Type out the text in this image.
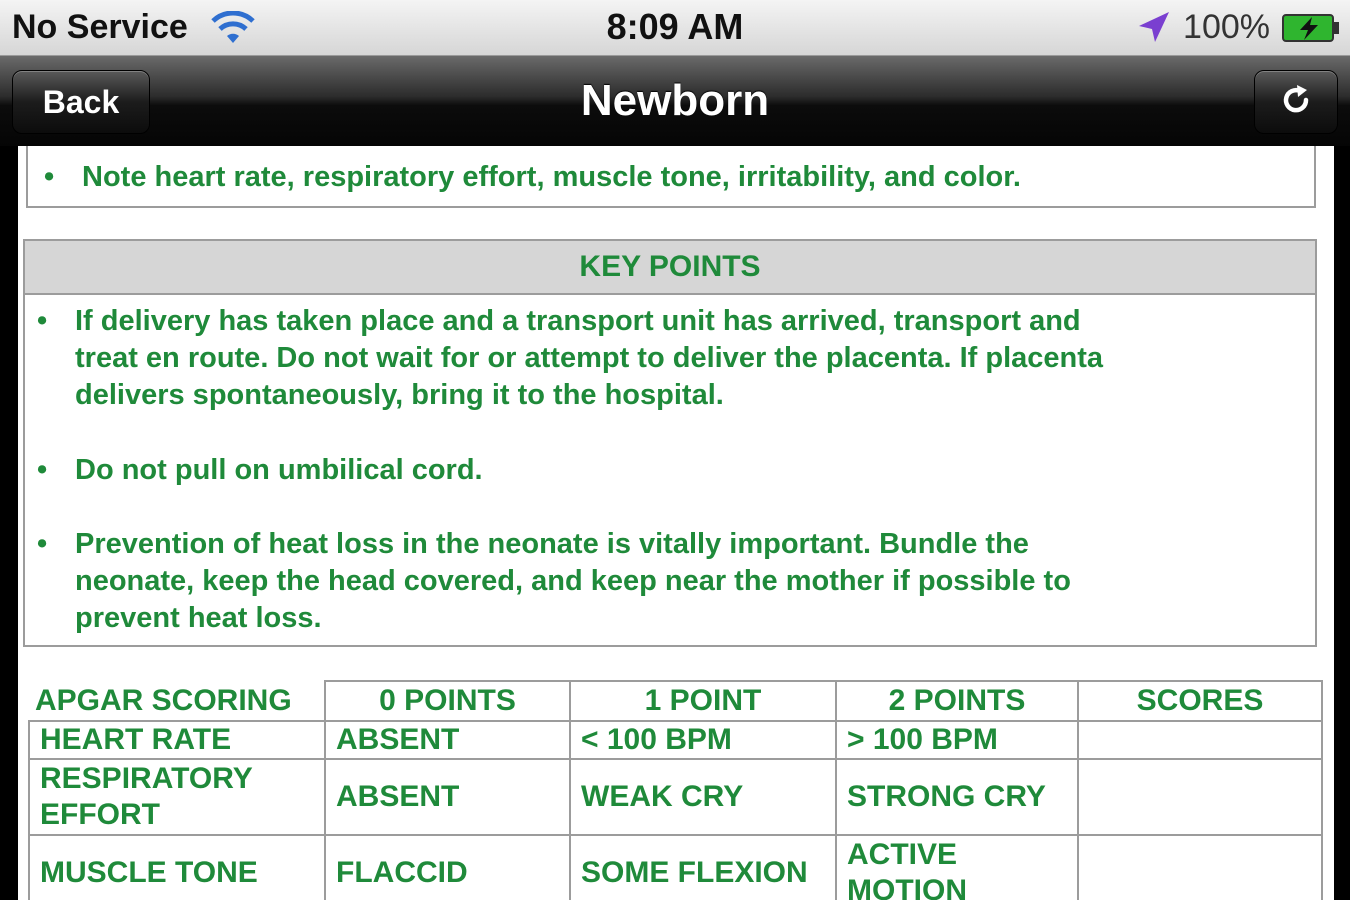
No Service	8:09 AM	100%
Back	Newborn
• Note heart rate, respiratory effort, muscle tone, irritability, and color.
KEY POINTS
• If delivery has taken place and a transport unit has arrived, transport and
treat en route. Do not wait for or attempt to deliver the placenta. If placenta
delivers spontaneously, bring it to the hospital.
• Do not pull on umbilical cord.
• Prevention of heat loss in the neonate is vitally important. Bundle the
neonate, keep the head covered, and keep near the mother if possible to
prevent heat loss.
APGAR SCORING	0 POINTS	1 POINT	2 POINTS	SCORES
HEART RATE	ABSENT	< 100 BPM	> 100 BPM	

RESPIRATORY
EFFORT	ABSENT	WEAK CRY	STRONG CRY	
MUSCLE TONE	FLACCID	SOME FLEXION	ACTIVE
MOTION	
